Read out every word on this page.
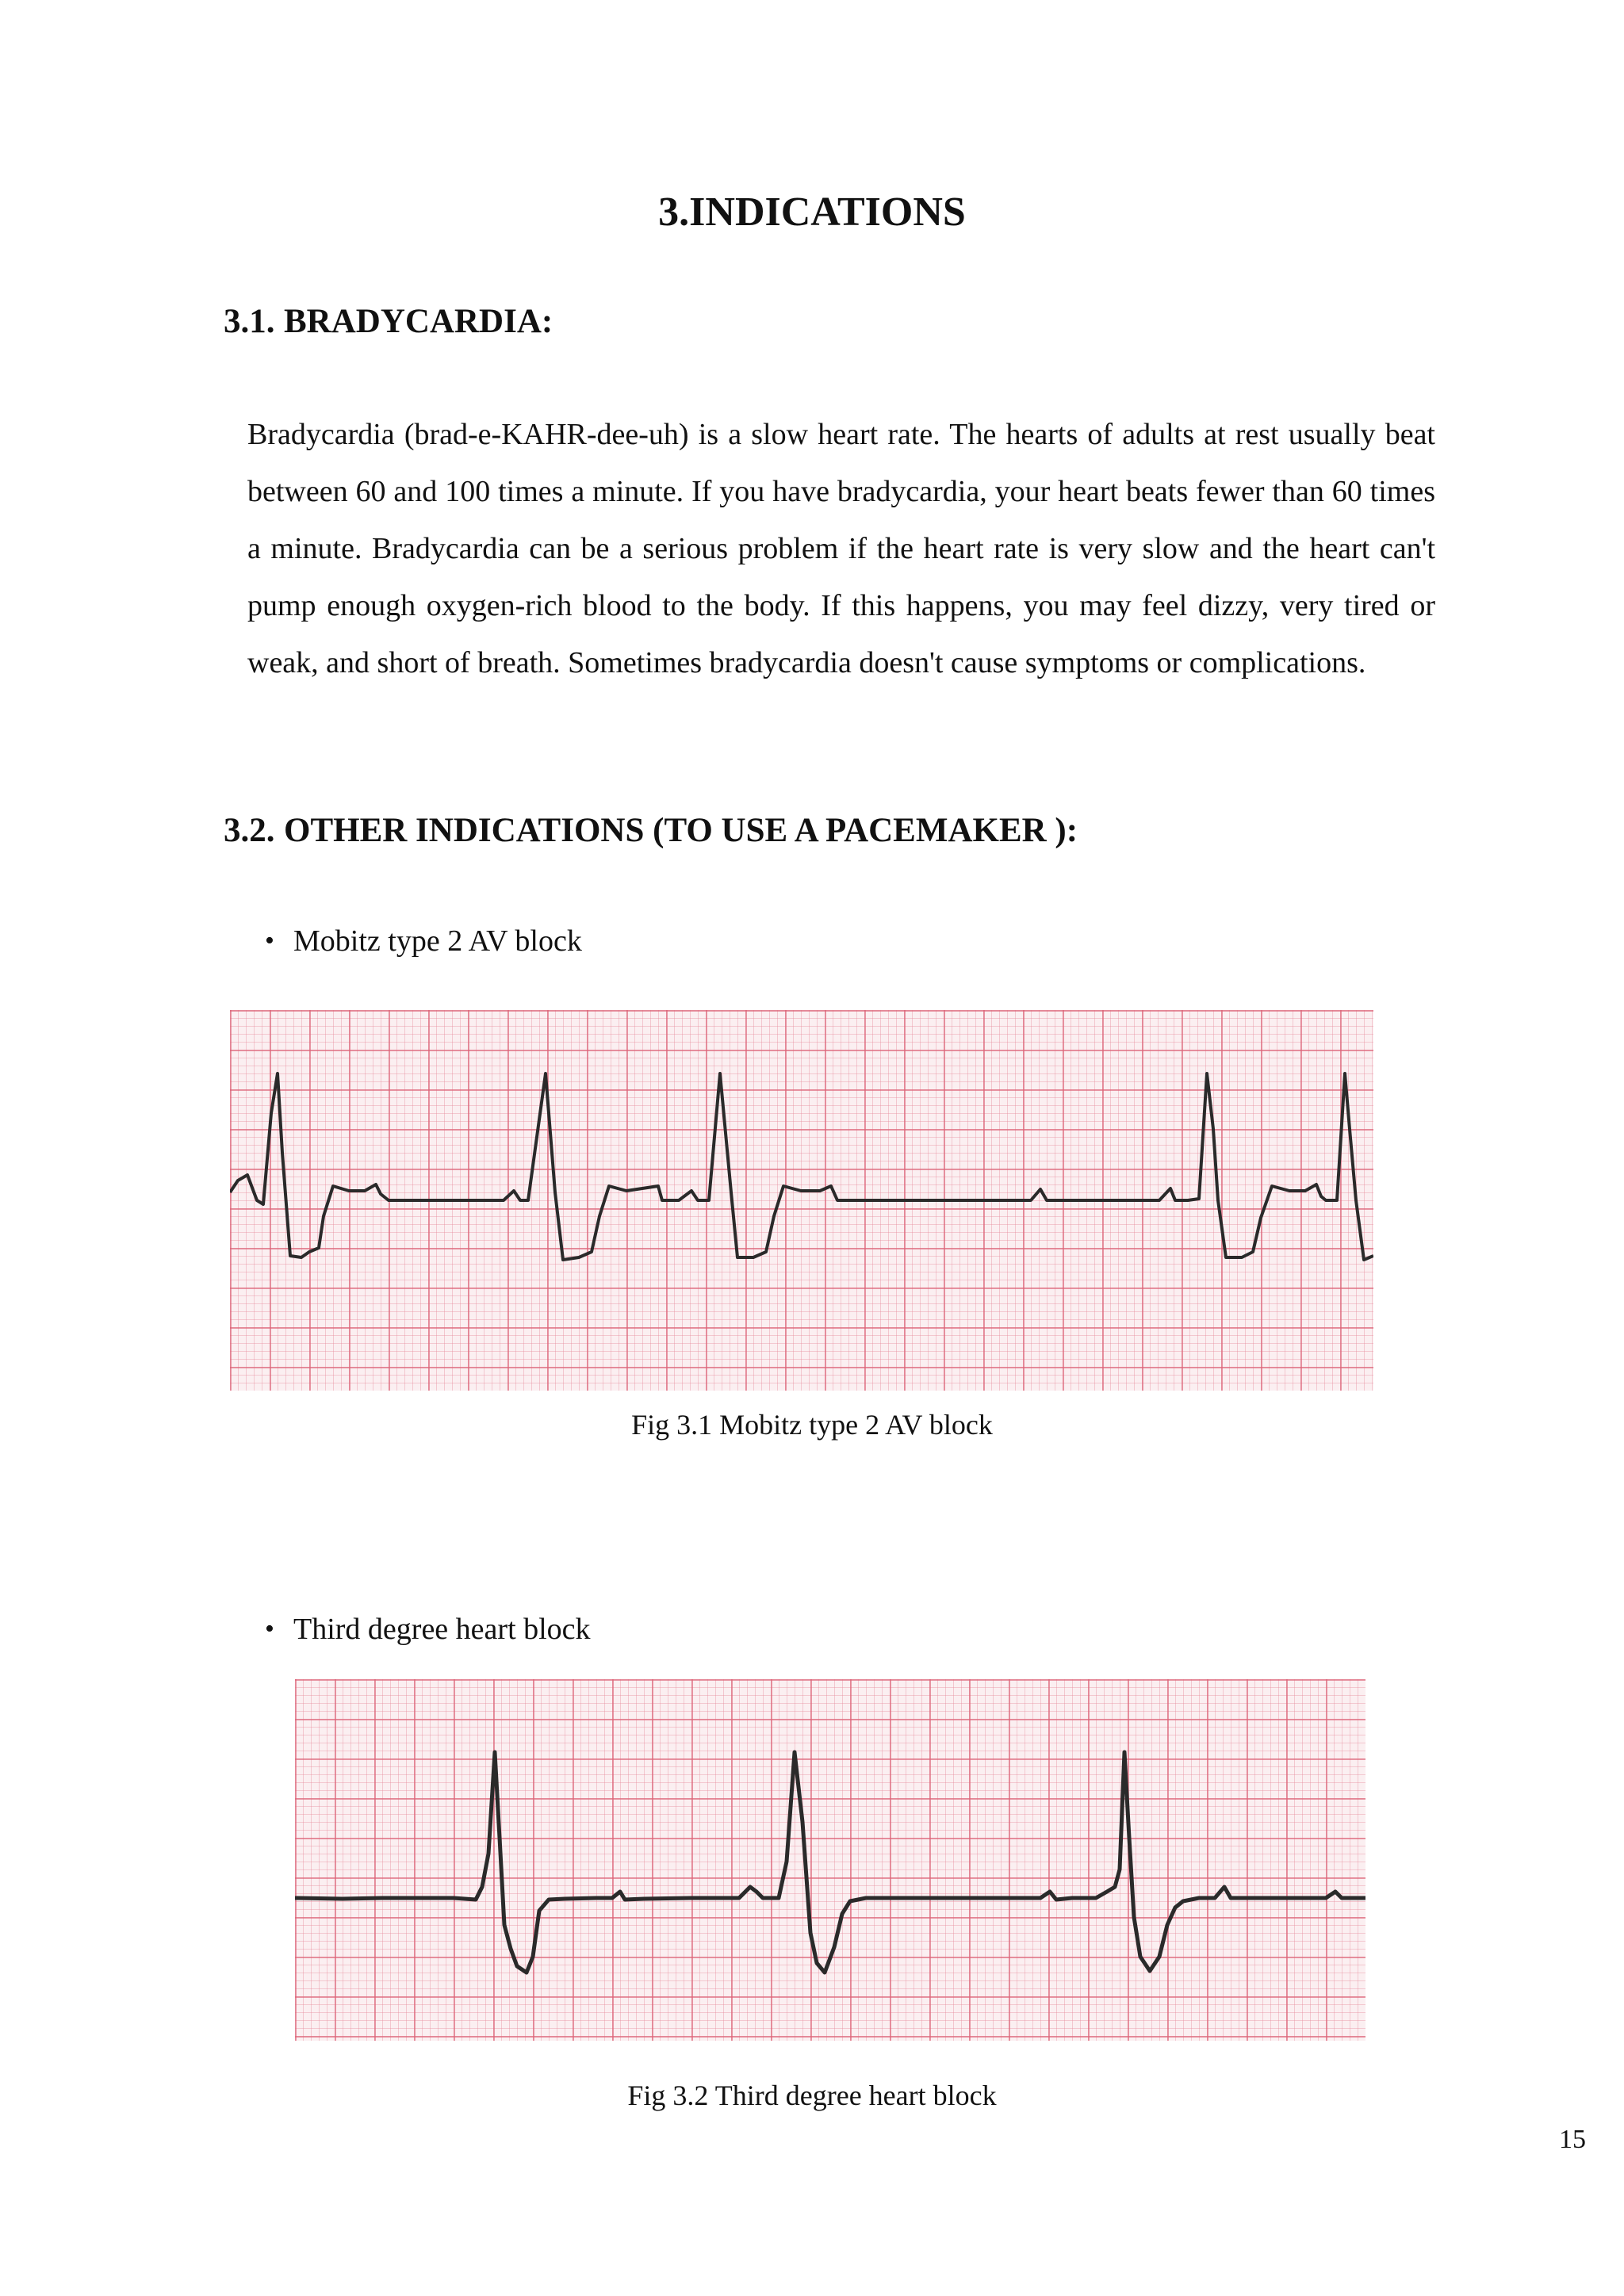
3.INDICATIONS
3.1. BRADYCARDIA:

Bradycardia (brad-e-KAHR-dee-uh) is a slow heart rate. The hearts of adults at rest usually beat between 60 and 100 times a minute. If you have bradycardia, your heart beats fewer than 60 times a minute. Bradycardia can be a serious problem if the heart rate is very slow and the heart can't pump enough oxygen-rich blood to the body. If this happens, you may feel dizzy, very tired or weak, and short of breath. Sometimes bradycardia doesn't cause symptoms or complications.

3.2. OTHER INDICATIONS (TO USE A PACEMAKER ):

• Mobitz type 2 AV block

Fig 3.1 Mobitz type 2 AV block

• Third degree heart block

Fig 3.2 Third degree heart block

15
